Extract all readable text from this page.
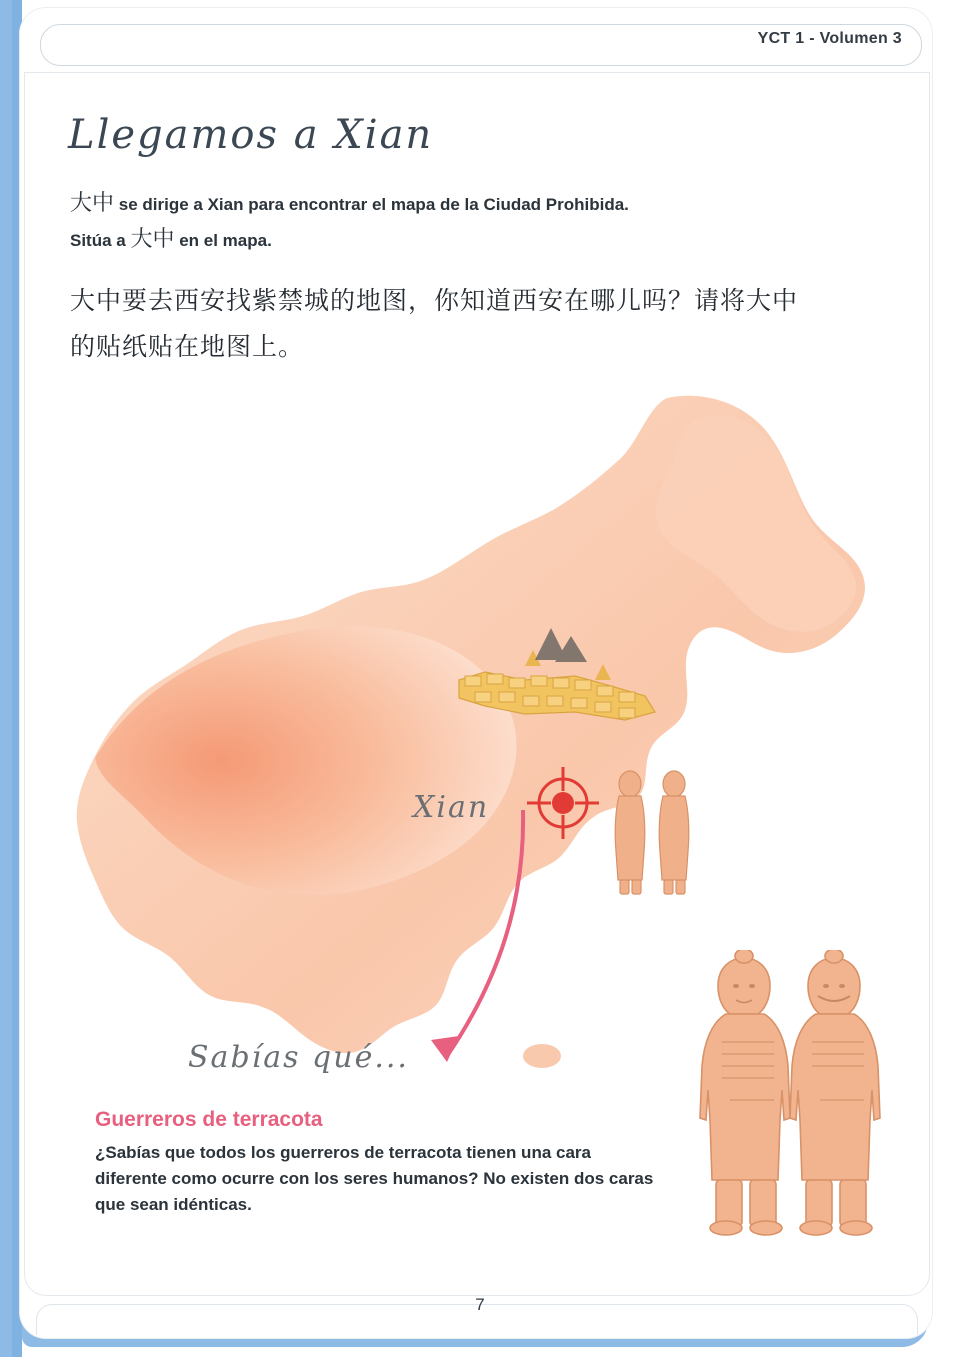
YCT 1 - Volumen 3
Llegamos a Xian
大中 se dirige a Xian para encontrar el mapa de la Ciudad Prohibida.
Sitúa a 大中 en el mapa.
大中要去西安找紫禁城的地图，你知道西安在哪儿吗？请将大中的贴纸贴在地图上。
Xian
Sabías qué...
Guerreros de terracota
¿Sabías que todos los guerreros de terracota tienen una cara diferente como ocurre con los seres humanos? No existen dos caras que sean idénticas.
7
